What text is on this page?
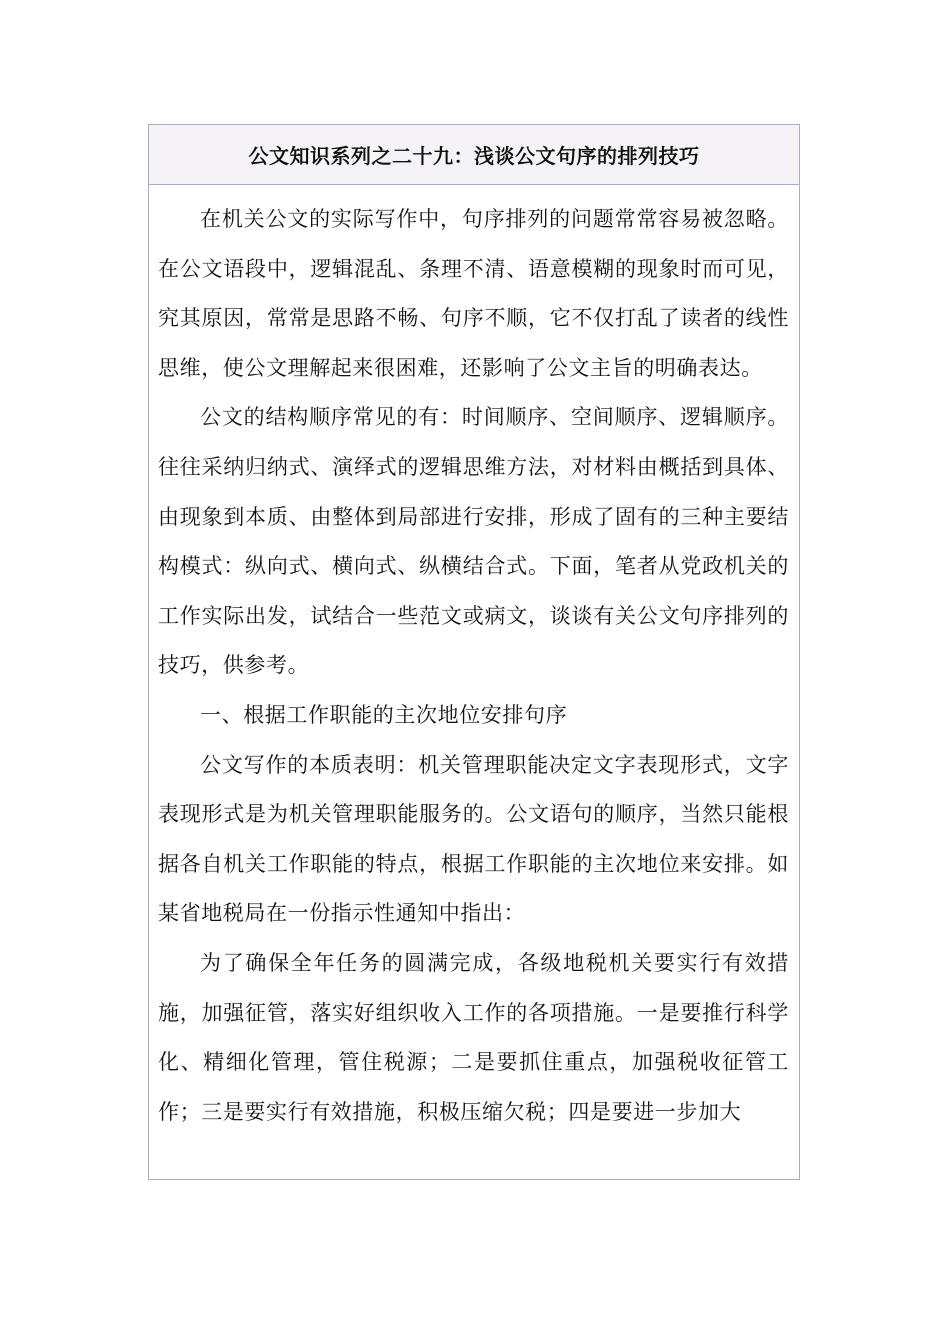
公文知识系列之二十九：浅谈公文句序的排列技巧

在机关公文的实际写作中，句序排列的问题常常容易被忽略。在公文语段中，逻辑混乱、条理不清、语意模糊的现象时而可见，究其原因，常常是思路不畅、句序不顺，它不仅打乱了读者的线性思维，使公文理解起来很困难，还影响了公文主旨的明确表达。

公文的结构顺序常见的有：时间顺序、空间顺序、逻辑顺序。往往采纳归纳式、演绎式的逻辑思维方法，对材料由概括到具体、由现象到本质、由整体到局部进行安排，形成了固有的三种主要结构模式：纵向式、横向式、纵横结合式。下面，笔者从党政机关的工作实际出发，试结合一些范文或病文，谈谈有关公文句序排列的技巧，供参考。

一、根据工作职能的主次地位安排句序

公文写作的本质表明：机关管理职能决定文字表现形式，文字表现形式是为机关管理职能服务的。公文语句的顺序，当然只能根据各自机关工作职能的特点，根据工作职能的主次地位来安排。如某省地税局在一份指示性通知中指出：

为了确保全年任务的圆满完成，各级地税机关要实行有效措施，加强征管，落实好组织收入工作的各项措施。一是要推行科学化、精细化管理，管住税源；二是要抓住重点，加强税收征管工作；三是要实行有效措施，积极压缩欠税；四是要进一步加大
